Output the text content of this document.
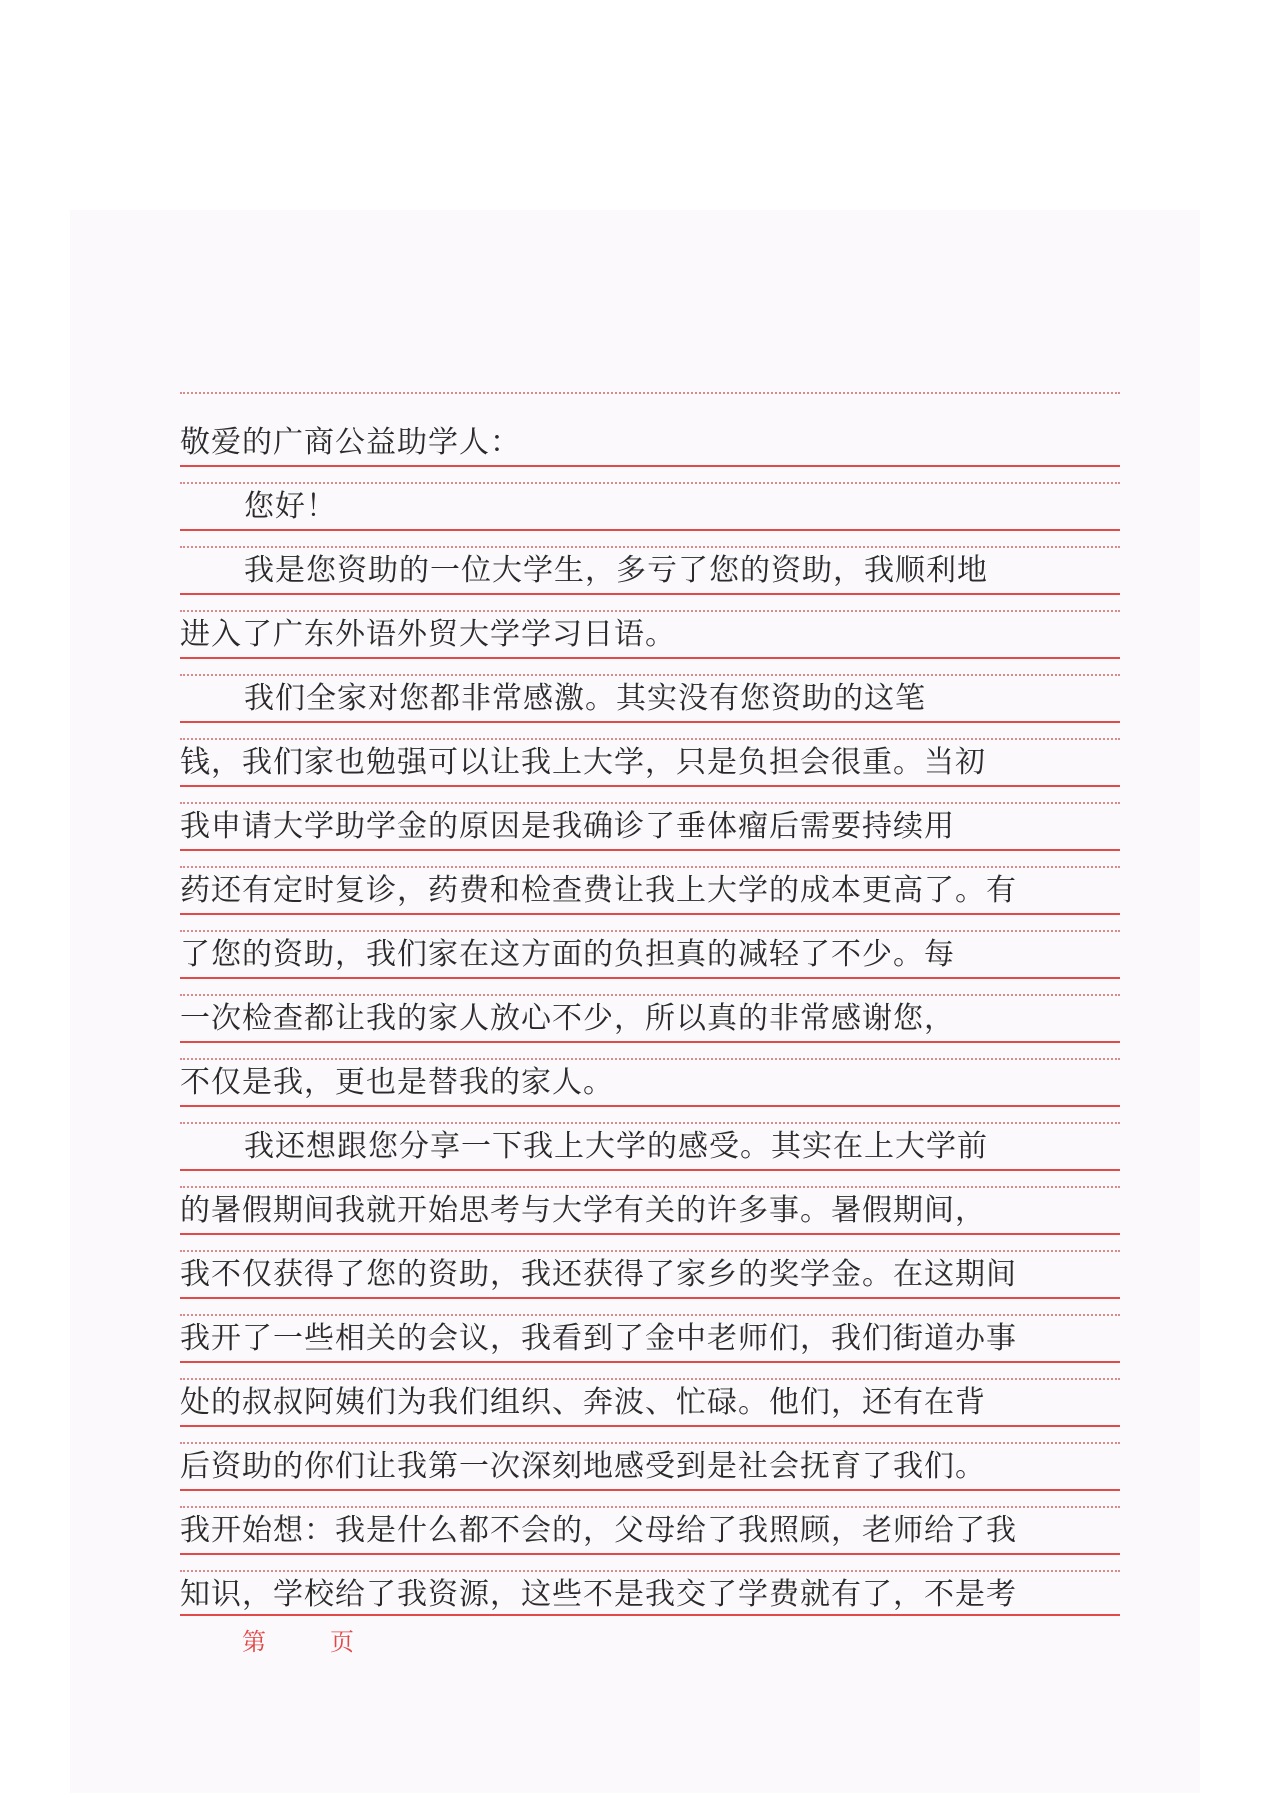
敬爱的广商公益助学人：
您好！
我是您资助的一位大学生，多亏了您的资助，我顺利地
进入了广东外语外贸大学学习日语。
我们全家对您都非常感激。其实没有您资助的这笔
钱，我们家也勉强可以让我上大学，只是负担会很重。当初
我申请大学助学金的原因是我确诊了垂体瘤后需要持续用
药还有定时复诊，药费和检查费让我上大学的成本更高了。有
了您的资助，我们家在这方面的负担真的减轻了不少。每
一次检查都让我的家人放心不少，所以真的非常感谢您，
不仅是我，更也是替我的家人。
我还想跟您分享一下我上大学的感受。其实在上大学前
的暑假期间我就开始思考与大学有关的许多事。暑假期间，
我不仅获得了您的资助，我还获得了家乡的奖学金。在这期间
我开了一些相关的会议，我看到了金中老师们，我们街道办事
处的叔叔阿姨们为我们组织、奔波、忙碌。他们，还有在背
后资助的你们让我第一次深刻地感受到是社会抚育了我们。
我开始想：我是什么都不会的，父母给了我照顾，老师给了我
知识，学校给了我资源，这些不是我交了学费就有了，不是考
第	页
